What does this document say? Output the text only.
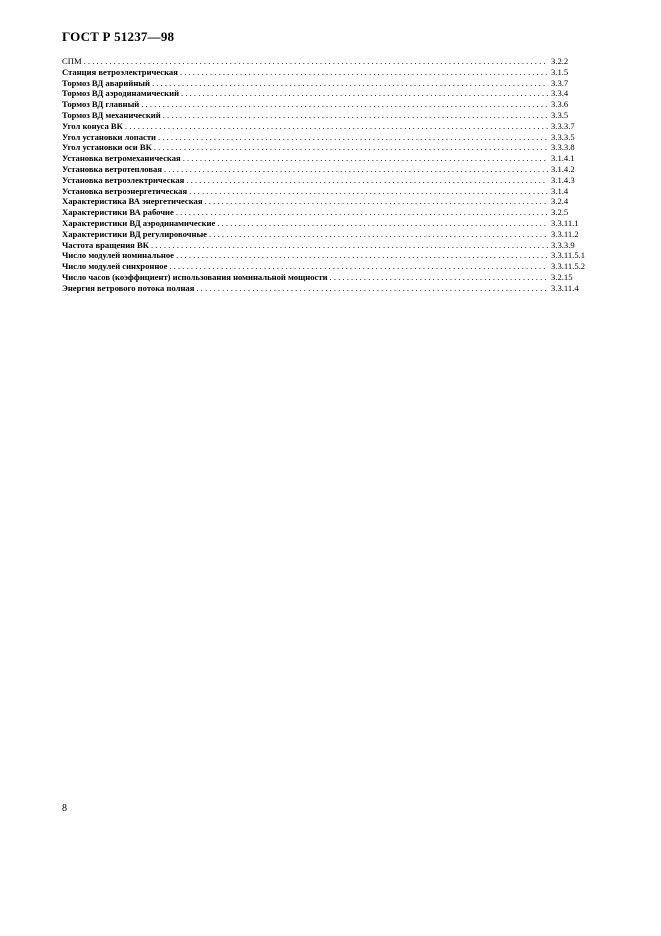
ГОСТ Р 51237—98
СПМ . . .	3.2.2
Станция ветроэлектрическая . . .	3.1.5
Тормоз ВД аварийный . . .	3.3.7
Тормоз ВД аэродинамический . . .	3.3.4
Тормоз ВД главный . . .	3.3.6
Тормоз ВД механический . . .	3.3.5
Угол конуса ВК . . .	3.3.3.7
Угол установки лопасти . . .	3.3.3.5
Угол установки оси ВК . . .	3.3.3.8
Установка ветромеханическая . . .	3.1.4.1
Установка ветротепловая . . .	3.1.4.2
Установка ветроэлектрическая . . .	3.1.4.3
Установка ветроэнергетическая . . .	3.1.4
Характеристика ВА энергетическая . . .	3.2.4
Характеристики ВА рабочие . . .	3.2.5
Характеристики ВД аэродинамические . . .	3.3.11.1
Характеристики ВД регулировочные . . .	3.3.11.2
Частота вращения ВК . . .	3.3.3.9
Число модулей номинальное . . .	3.3.11.5.1
Число модулей синхронное . . .	3.3.11.5.2
Число часов (коэффициент) использования номинальной мощности . . .	3.2.15
Энергия ветрового потока полная . . .	3.3.11.4
8
